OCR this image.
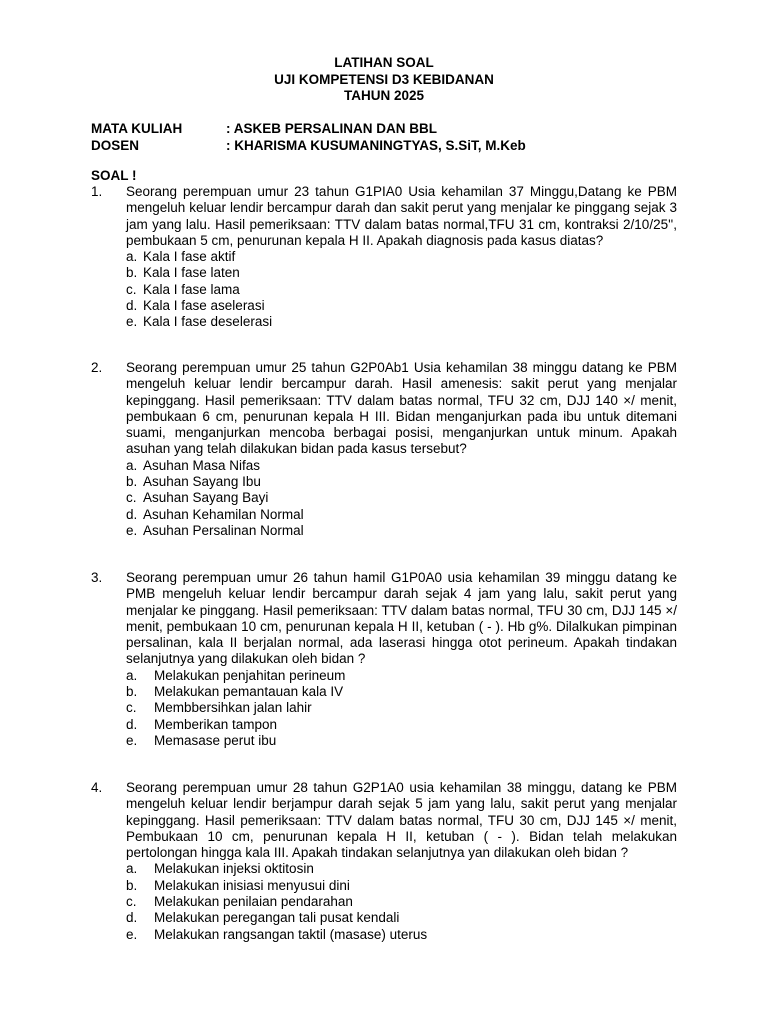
LATIHAN SOAL
UJI KOMPETENSI D3 KEBIDANAN
TAHUN 2025
MATA KULIAH	: ASKEB PERSALINAN DAN BBL
DOSEN	: KHARISMA KUSUMANINGTYAS, S.SiT, M.Keb
SOAL !
1. Seorang perempuan umur 23 tahun G1PIA0 Usia kehamilan 37 Minggu,Datang ke PBM mengeluh keluar lendir bercampur darah dan sakit perut yang menjalar ke pinggang sejak 3 jam yang lalu. Hasil pemeriksaan: TTV dalam batas normal,TFU 31 cm, kontraksi 2/10/25'', pembukaan 5 cm, penurunan kepala H II. Apakah diagnosis pada kasus diatas?
a. Kala I fase aktif
b. Kala I fase laten
c. Kala I fase lama
d. Kala I fase aselerasi
e. Kala I fase deselerasi
2. Seorang perempuan umur 25 tahun G2P0Ab1 Usia kehamilan 38 minggu datang ke PBM mengeluh keluar lendir bercampur darah. Hasil amenesis: sakit perut yang menjalar kepinggang. Hasil pemeriksaan: TTV dalam batas normal, TFU 32 cm, DJJ 140 ×/ menit, pembukaan 6 cm, penurunan kepala H III. Bidan menganjurkan pada ibu untuk ditemani suami, menganjurkan mencoba berbagai posisi, menganjurkan untuk minum. Apakah asuhan yang telah dilakukan bidan pada kasus tersebut?
a. Asuhan Masa Nifas
b. Asuhan Sayang Ibu
c. Asuhan Sayang Bayi
d. Asuhan Kehamilan Normal
e. Asuhan Persalinan Normal
3. Seorang perempuan umur 26 tahun hamil G1P0A0 usia kehamilan 39 minggu datang ke PMB mengeluh keluar lendir bercampur darah sejak 4 jam yang lalu, sakit perut yang menjalar ke pinggang. Hasil pemeriksaan: TTV dalam batas normal, TFU 30 cm, DJJ 145 ×/ menit, pembukaan 10 cm, penurunan kepala H II, ketuban ( - ). Hb g%. Dilalkukan pimpinan persalinan, kala II berjalan normal, ada laserasi hingga otot perineum. Apakah tindakan selanjutnya yang dilakukan oleh bidan ?
a. Melakukan penjahitan perineum
b. Melakukan pemantauan kala IV
c. Membbersihkan jalan lahir
d. Memberikan tampon
e. Memasase perut ibu
4. Seorang perempuan umur 28 tahun G2P1A0 usia kehamilan 38 minggu, datang ke PBM mengeluh keluar lendir berjampur darah sejak 5 jam yang lalu, sakit perut yang menjalar kepinggang. Hasil pemeriksaan: TTV dalam batas normal, TFU 30 cm, DJJ 145 ×/ menit, Pembukaan 10 cm, penurunan kepala H II, ketuban ( - ). Bidan telah melakukan pertolongan hingga kala III. Apakah tindakan selanjutnya yan dilakukan oleh bidan ?
a. Melakukan injeksi oktitosin
b. Melakukan inisiasi menyusui dini
c. Melakukan penilaian pendarahan
d. Melakukan peregangan tali pusat kendali
e. Melakukan rangsangan taktil (masase) uterus
